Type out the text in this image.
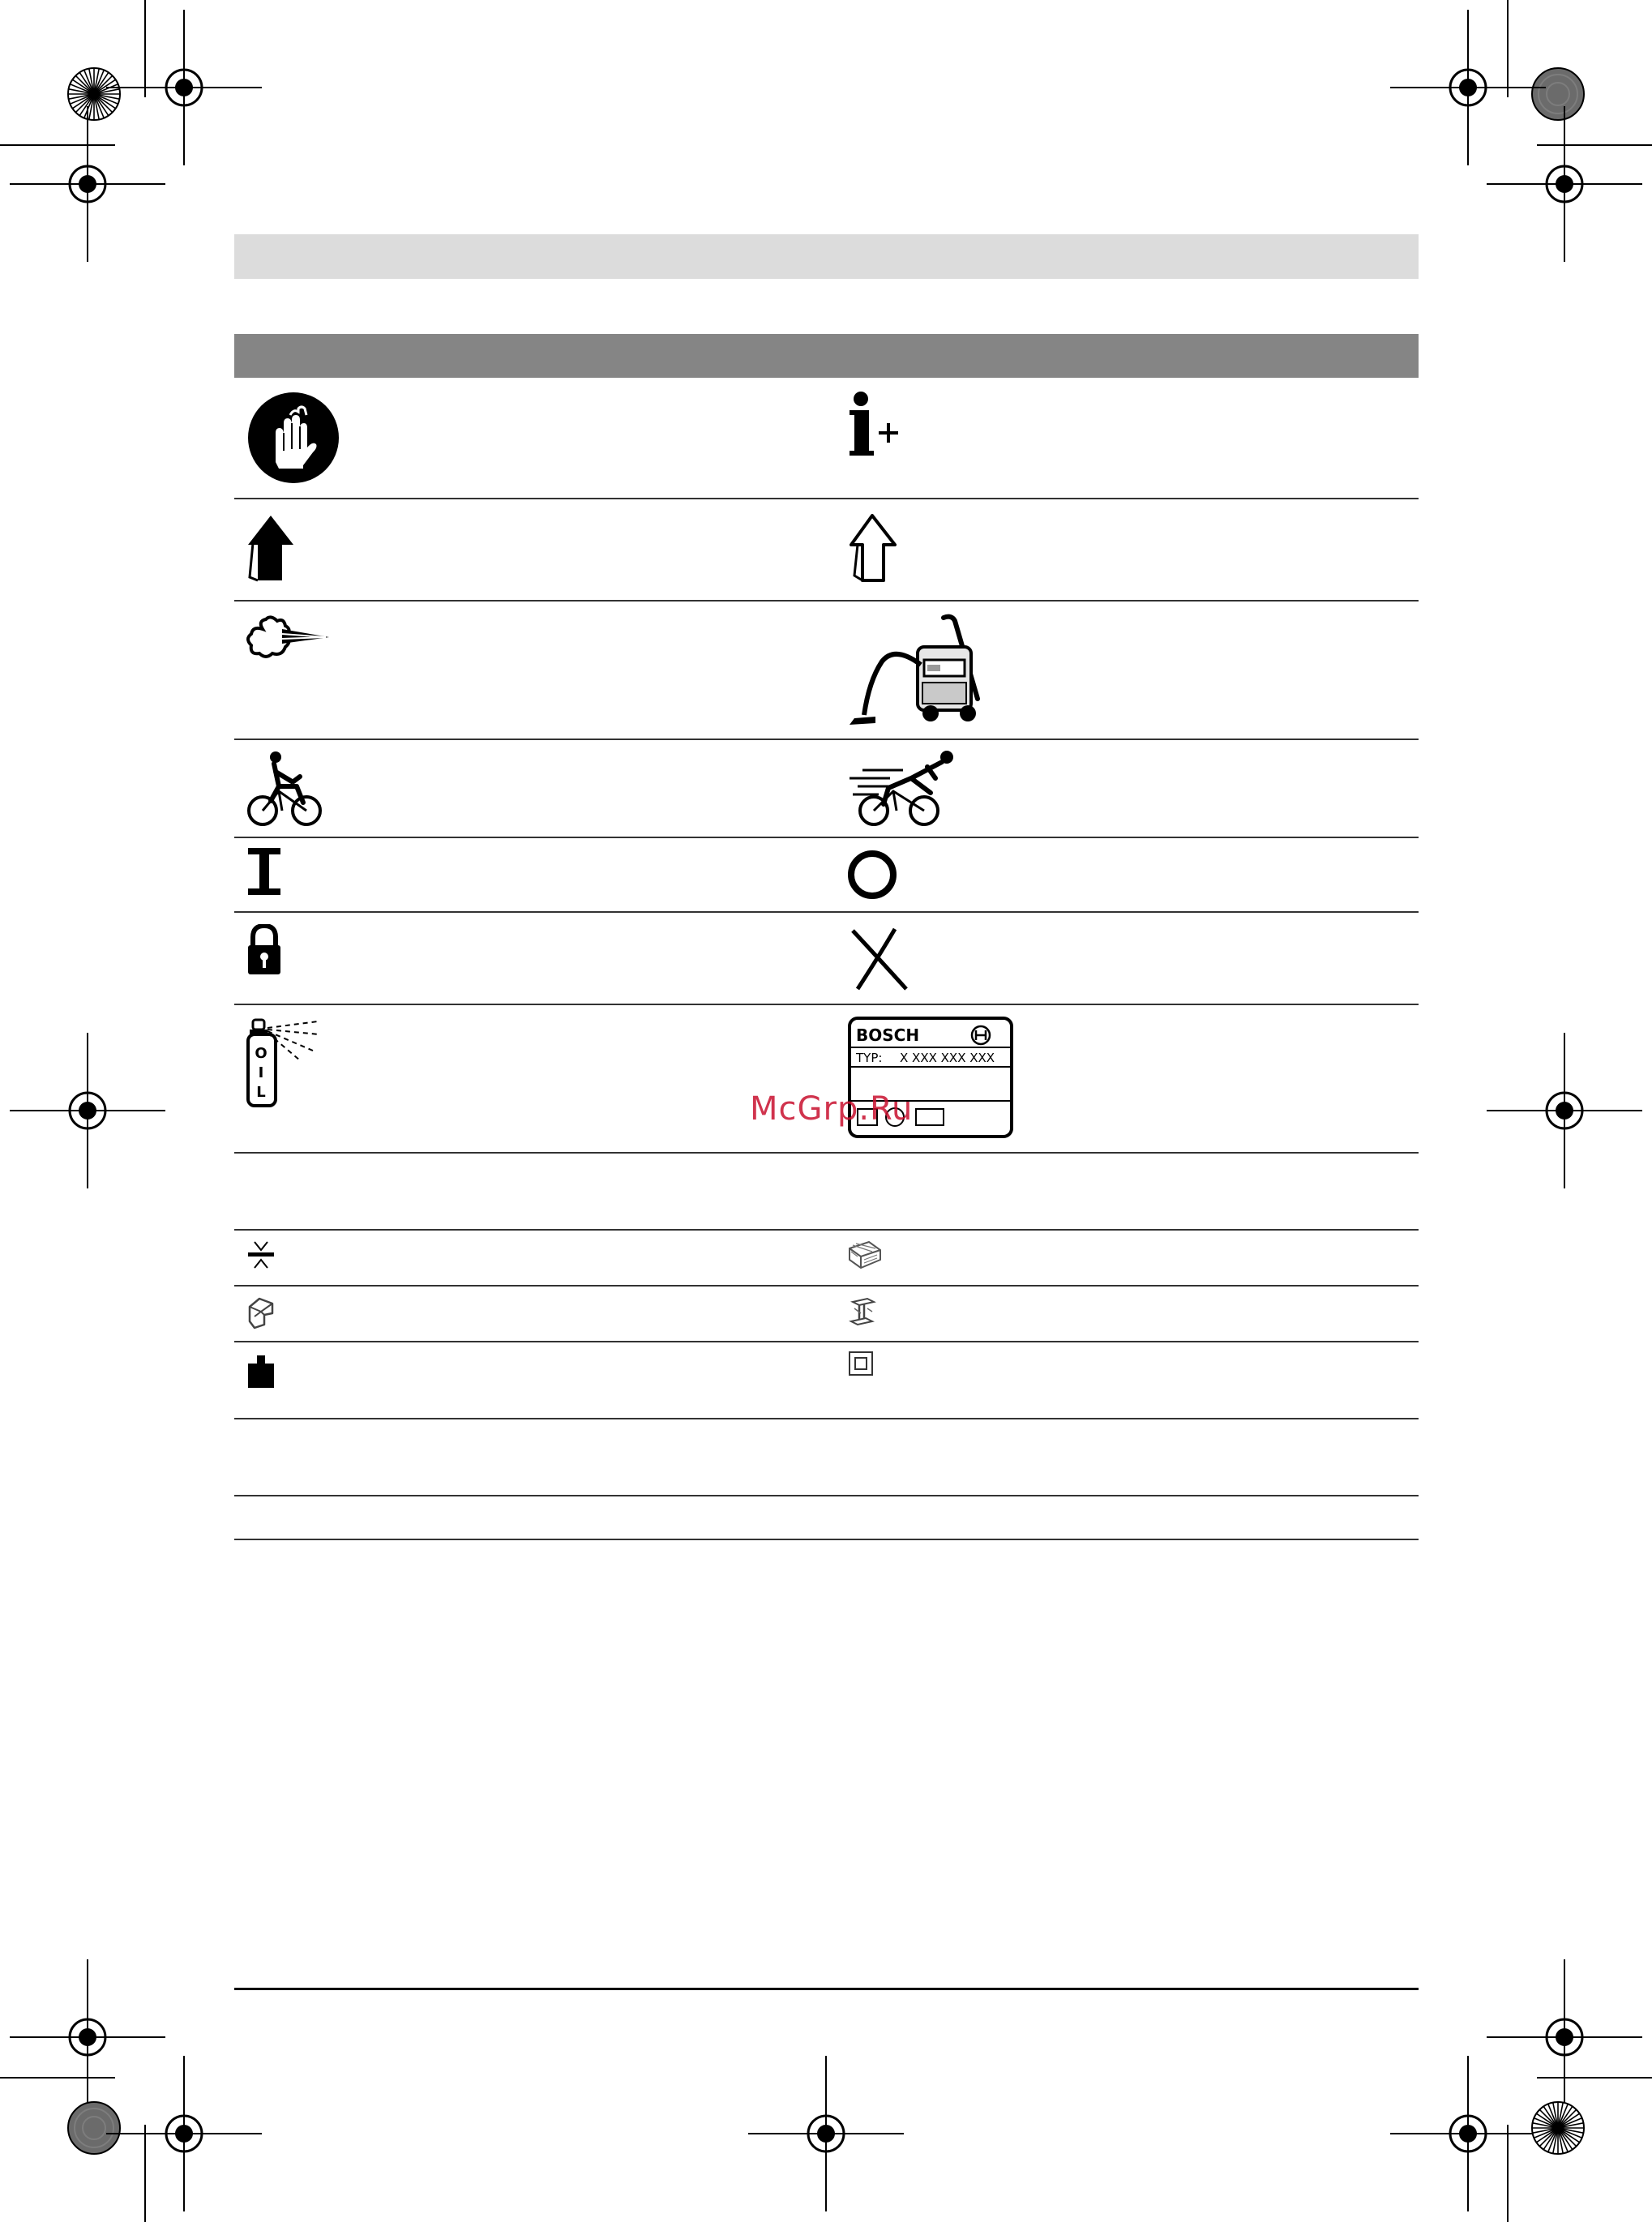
O
I
L
BOSCH
TYP: X XXX XXX XXX
McGrp.Ru
